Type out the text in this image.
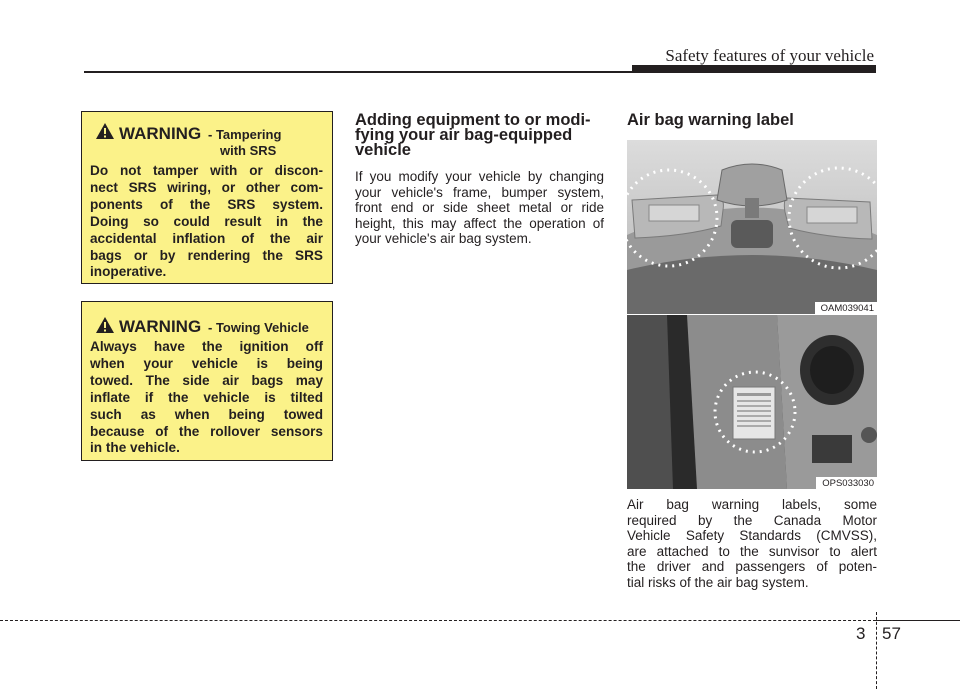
Safety features of your vehicle
WARNING - Tampering
with SRS
Do not tamper with or discon-
nect SRS wiring, or other com-
ponents of the SRS system.
Doing so could result in the
accidental inflation of the air
bags or by rendering the SRS
inoperative.
WARNING - Towing Vehicle
Always have the ignition off
when your vehicle is being
towed. The side air bags may
inflate if the vehicle is tilted
such as when being towed
because of the rollover sensors
in the vehicle.
Adding equipment to or modi-
fying your air bag-equipped
vehicle
If you modify your vehicle by changing
your vehicle's frame, bumper system,
front end or side sheet metal or ride
height, this may affect the operation of
your vehicle's air bag system.
Air bag warning label
OAM039041
OPS033030
Air bag warning labels, some
required by the Canada Motor
Vehicle Safety Standards (CMVSS),
are attached to the sunvisor to alert
the driver and passengers of poten-
tial risks of the air bag system.
3 57
